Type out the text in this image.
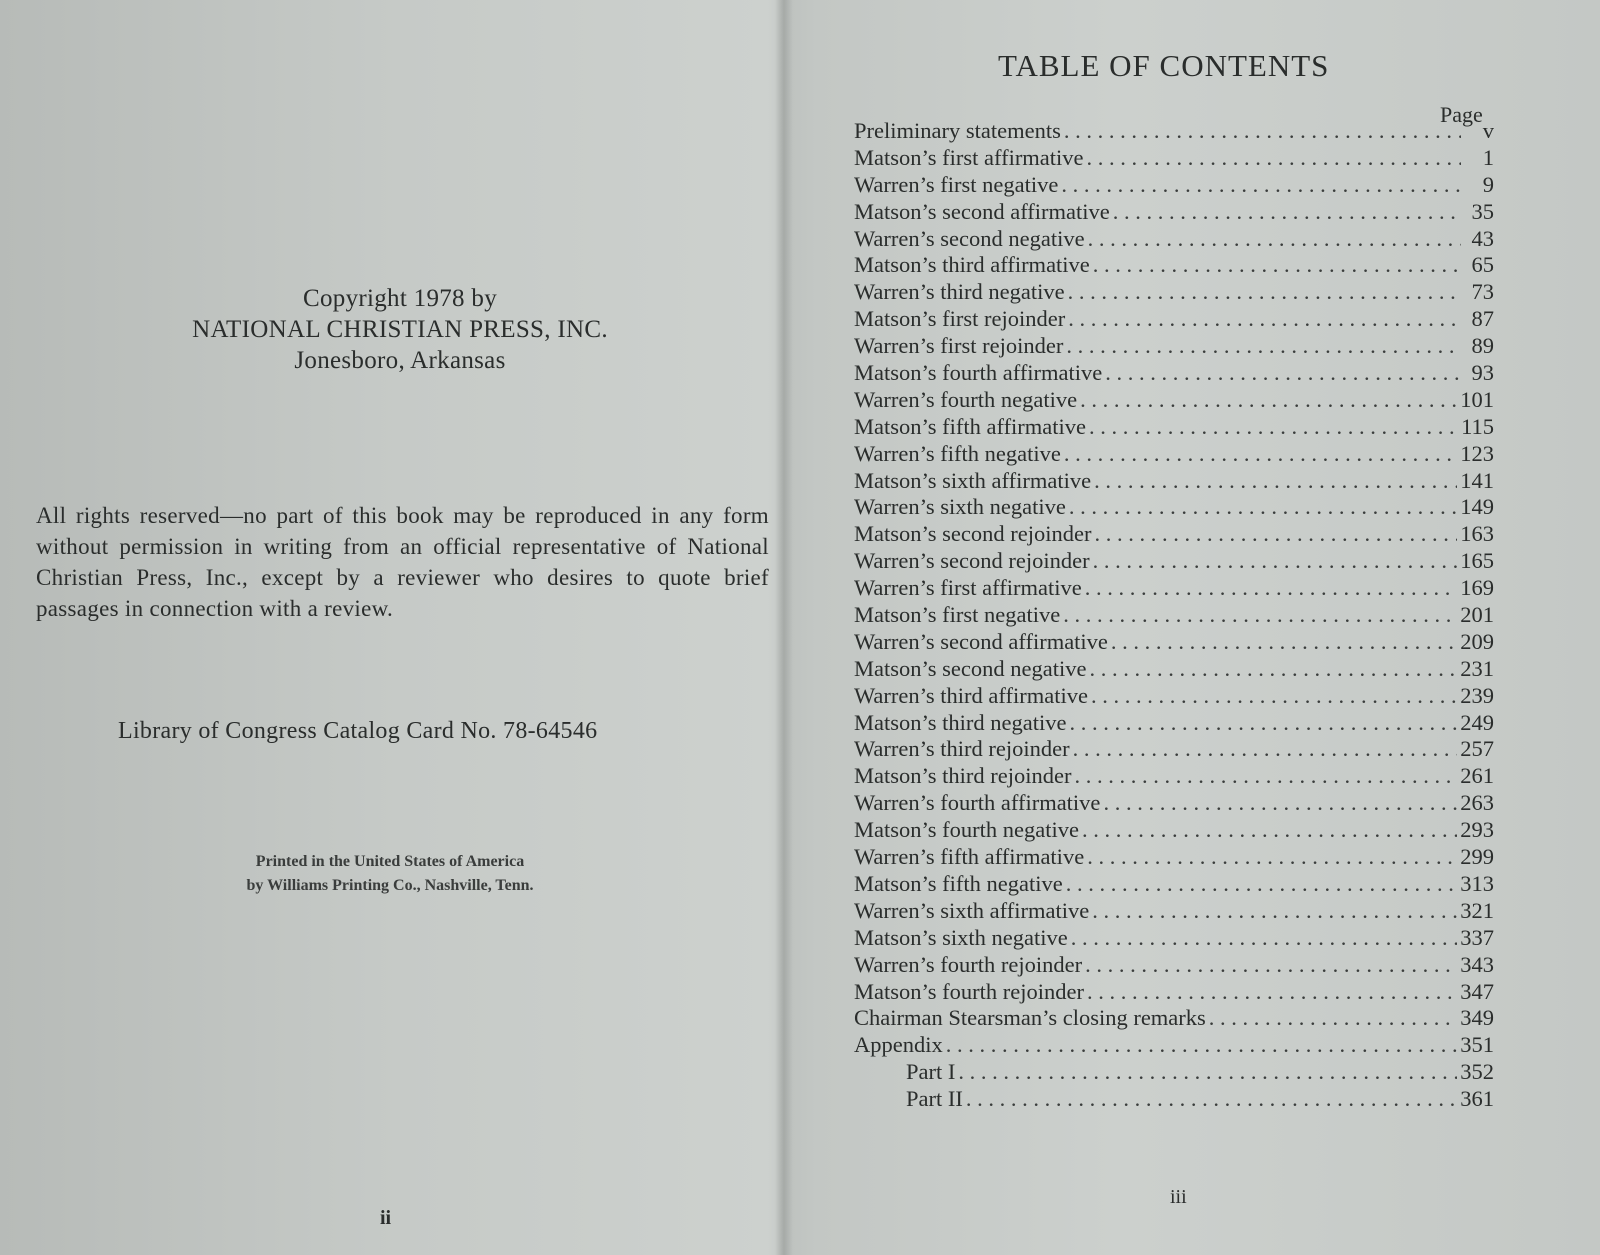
Copyright 1978 by
NATIONAL CHRISTIAN PRESS, INC.
Jonesboro, Arkansas
All rights reserved—no part of this book may be reproduced in any form without permission in writing from an official representative of National Christian Press, Inc., except by a reviewer who desires to quote brief passages in connection with a review.
Library of Congress Catalog Card No. 78-64546
Printed in the United States of America
by Williams Printing Co., Nashville, Tenn.
ii
TABLE OF CONTENTS
Page
Preliminary statements . . .	v
Matson’s first affirmative . . .	1
Warren’s first negative . . .	9
Matson’s second affirmative . . .	35
Warren’s second negative . . .	43
Matson’s third affirmative . . .	65
Warren’s third negative . . .	73
Matson’s first rejoinder . . .	87
Warren’s first rejoinder . . .	89
Matson’s fourth affirmative . . .	93
Warren’s fourth negative . . .	101
Matson’s fifth affirmative . . .	115
Warren’s fifth negative . . .	123
Matson’s sixth affirmative . . .	141
Warren’s sixth negative . . .	149
Matson’s second rejoinder . . .	163
Warren’s second rejoinder . . .	165
Warren’s first affirmative . . .	169
Matson’s first negative . . .	201
Warren’s second affirmative . . .	209
Matson’s second negative . . .	231
Warren’s third affirmative . . .	239
Matson’s third negative . . .	249
Warren’s third rejoinder . . .	257
Matson’s third rejoinder . . .	261
Warren’s fourth affirmative . . .	263
Matson’s fourth negative . . .	293
Warren’s fifth affirmative . . .	299
Matson’s fifth negative . . .	313
Warren’s sixth affirmative . . .	321
Matson’s sixth negative . . .	337
Warren’s fourth rejoinder . . .	343
Matson’s fourth rejoinder . . .	347
Chairman Stearsman’s closing remarks . . .	349
Appendix . . .	351
Part I . . .	352
Part II . . .	361
iii
